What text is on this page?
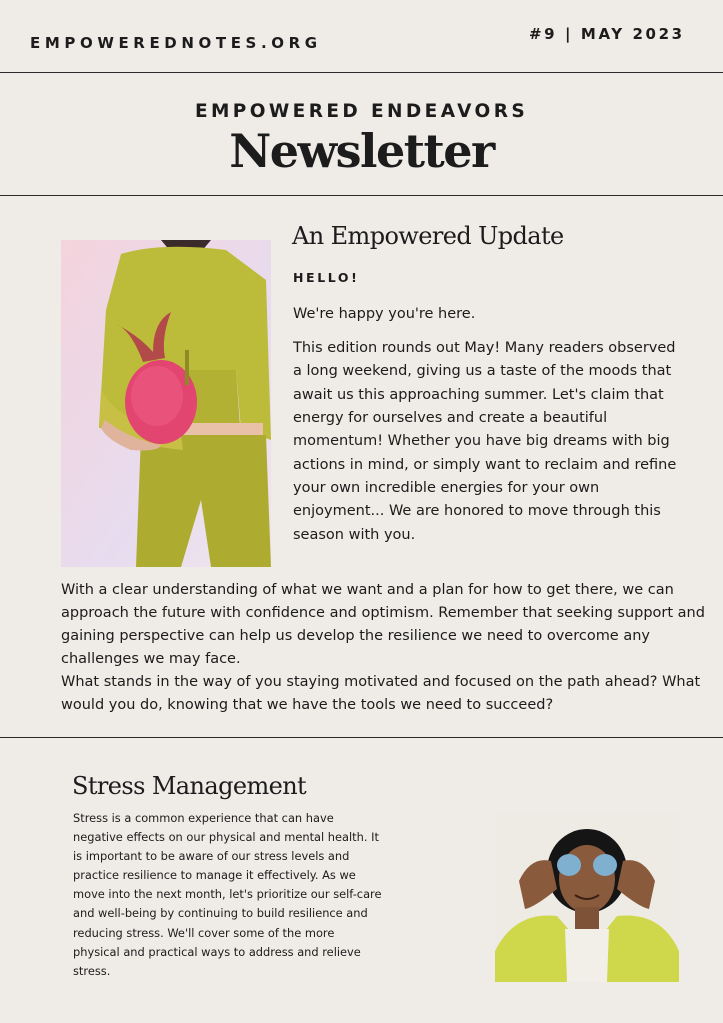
EMPOWEREDNOTES.ORG	#9 | MAY 2023
EMPOWERED ENDEAVORS
Newsletter
An Empowered Update
HELLO!
We're happy you're here.
This edition rounds out May! Many readers observed a long weekend, giving us a taste of the moods that await us this approaching summer. Let's claim that energy for ourselves and create a beautiful momentum! Whether you have big dreams with big actions in mind, or simply want to reclaim and refine your own incredible energies for your own enjoyment... We are honored to move through this season with you.
With a clear understanding of what we want and a plan for how to get there, we can approach the future with confidence and optimism. Remember that seeking support and gaining perspective can help us develop the resilience we need to overcome any challenges we may face.
What stands in the way of you staying motivated and focused on the path ahead? What would you do, knowing that we have the tools we need to succeed?
Stress Management
Stress is a common experience that can have negative effects on our physical and mental health. It is important to be aware of our stress levels and practice resilience to manage it effectively. As we move into the next month, let's prioritize our self-care and well-being by continuing to build resilience and reducing stress. We'll cover some of the more physical and practical ways to address and relieve stress.
